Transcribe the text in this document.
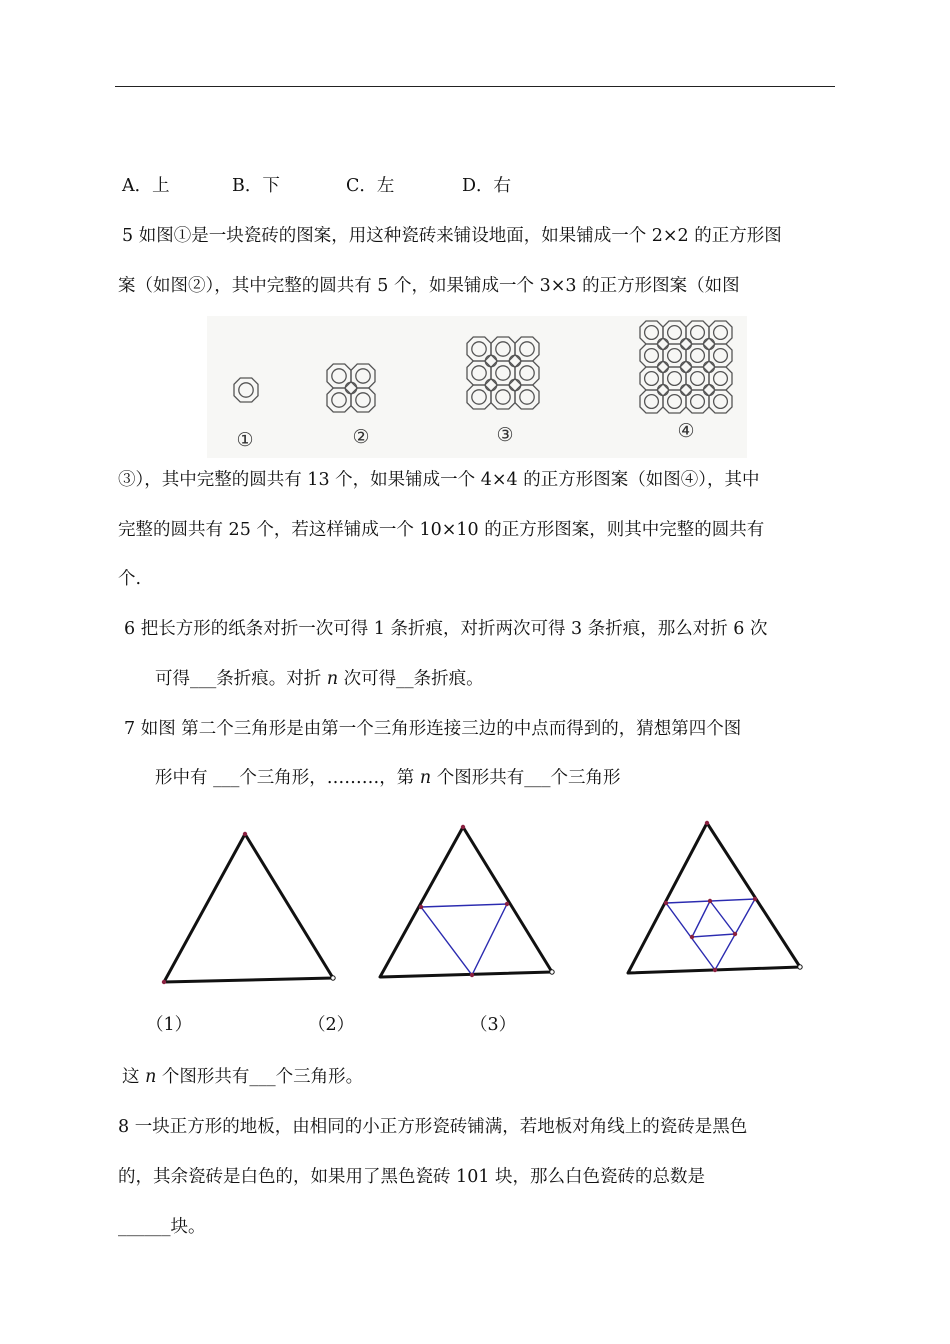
A．上	B．下	C．左	D．右
5 如图①是一块瓷砖的图案，用这种瓷砖来铺设地面，如果铺成一个 2×2 的正方形图
案（如图②），其中完整的圆共有 5 个，如果铺成一个 3×3 的正方形图案（如图
①	②	③	④
③），其中完整的圆共有 13 个，如果铺成一个 4×4 的正方形图案（如图④），其中
完整的圆共有 25 个，若这样铺成一个 10×10 的正方形图案，则其中完整的圆共有
个.
6 把长方形的纸条对折一次可得 1 条折痕，对折两次可得 3 条折痕，那么对折 6 次
可得___条折痕。对折 n 次可得__条折痕。
7 如图 第二个三角形是由第一个三角形连接三边的中点而得到的，猜想第四个图
形中有 ___个三角形，………，第 n 个图形共有___个三角形
（1）	（2）	（3）
这 n 个图形共有___个三角形。
8 一块正方形的地板，由相同的小正方形瓷砖铺满，若地板对角线上的瓷砖是黑色
的，其余瓷砖是白色的，如果用了黑色瓷砖 101 块，那么白色瓷砖的总数是
______块。
